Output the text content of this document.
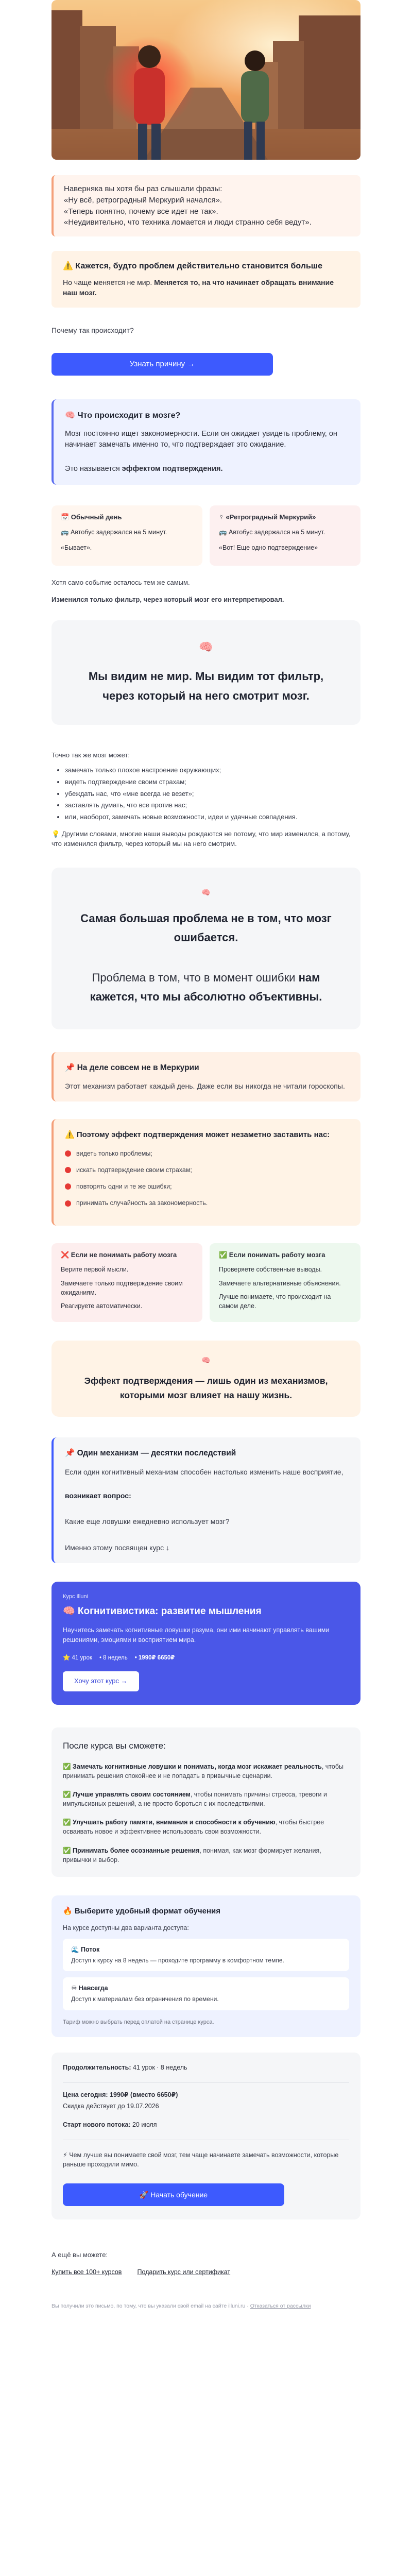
Наверняка вы хотя бы раз слышали фразы:

«Ну всё, ретроградный Меркурий начался».

«Теперь понятно, почему все идет не так».

«Неудивительно, что техника ломается и люди странно себя ведут».

⚠️ Кажется, будто проблем действительно становится больше
Но чаще меняется не мир. Меняется то, на что начинает обращать внимание наш мозг.
Почему так происходит?
Узнать причину →
🧠 Что происходит в мозге?
Мозг постоянно ищет закономерности. Если он ожидает увидеть проблему, он начинает замечать именно то, что подтверждает это ожидание.
Это называется эффектом подтверждения.
📅 Обычный день

🚌 Автобус задержался на 5 минут.

«Бывает».

☿ «Ретроградный Меркурий»

🚌 Автобус задержался на 5 минут.

«Вот! Еще одно подтверждение»

Хотя само событие осталось тем же самым.
Изменился только фильтр, через который мозг его интерпретировал.
🧠
Мы видим не мир. Мы видим тот фильтр, через который на него смотрит мозг.
Точно так же мозг может:
• замечать только плохое настроение окружающих;
• видеть подтверждение своим страхам;
• убеждать нас, что «мне всегда не везет»;
• заставлять думать, что все против нас;
• или, наоборот, замечать новые возможности, идеи и удачные совпадения.
💡 Другими словами, многие наши выводы рождаются не потому, что мир изменился, а потому, что изменился фильтр, через который мы на него смотрим.
🧠
Самая большая проблема не в том, что мозг ошибается.
Проблема в том, что в момент ошибки нам кажется, что мы абсолютно объективны.
📌 На деле совсем не в Меркурии
Этот механизм работает каждый день. Даже если вы никогда не читали гороскопы.
⚠️ Поэтому эффект подтверждения может незаметно заставить нас:
видеть только проблемы;
искать подтверждение своим страхам;
повторять одни и те же ошибки;
принимать случайность за закономерность.
❌ Если не понимать работу мозга

Верите первой мысли.

Замечаете только подтверждение своим ожиданиям.

Реагируете автоматически.

✅ Если понимать работу мозга

Проверяете собственные выводы.

Замечаете альтернативные объяснения.

Лучше понимаете, что происходит на самом деле.

🧠
Эффект подтверждения — лишь один из механизмов, которыми мозг влияет на нашу жизнь.
📌 Один механизм — десятки последствий

Если один когнитивный механизм способен настолько изменить наше восприятие,

возникает вопрос:

Какие еще ловушки ежедневно использует мозг?

Именно этому посвящен курс ↓

Курс Illuni
🧠 Когнитивистика: развитие мышления
Научитесь замечать когнитивные ловушки разума, они ими начинают управлять вашими решениями, эмоциями и восприятием мира.
⭐ 41 урок • 8 недель • 1990₽ 6650₽
Хочу этот курс →
После курса вы сможете:
✅ Замечать когнитивные ловушки и понимать, когда мозг искажает реальность, чтобы принимать решения спокойнее и не попадать в привычные сценарии.
✅ Лучше управлять своим состоянием, чтобы понимать причины стресса, тревоги и импульсивных решений, а не просто бороться с их последствиями.
✅ Улучшать работу памяти, внимания и способности к обучению, чтобы быстрее осваивать новое и эффективнее использовать свои возможности.
✅ Принимать более осознанные решения, понимая, как мозг формирует желания, привычки и выбор.
🔥 Выберите удобный формат обучения
На курсе доступны два варианта доступа:
🌊 Поток
Доступ к курсу на 8 недель — проходите программу в комфортном темпе.
♾ Навсегда
Доступ к материалам без ограничения по времени.
Тариф можно выбрать перед оплатой на странице курса.
Продолжительность: 41 урок · 8 недель
Цена сегодня: 1990₽ (вместо 6650₽)
Скидка действует до 19.07.2026
Старт нового потока: 20 июля
⚡ Чем лучше вы понимаете свой мозг, тем чаще начинаете замечать возможности, которые раньше проходили мимо.
🚀 Начать обучение
А ещё вы можете:
Купить все 100+ курсов Подарить курс или сертификат
Вы получили это письмо, по тому, что вы указали свой email на сайте illuni.ru · Отказаться от рассылки
